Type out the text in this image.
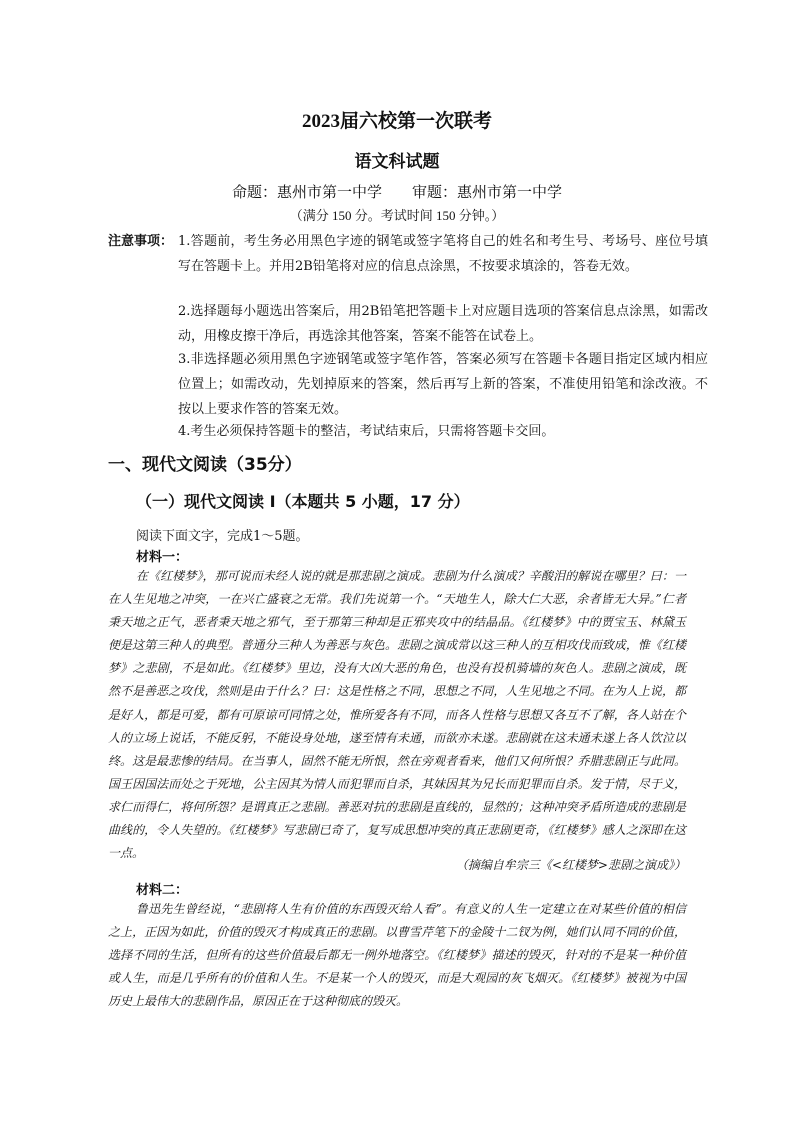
2023届六校第一次联考
语文科试题
命题：惠州市第一中学　　审题：惠州市第一中学
（满分 150 分。考试时间 150 分钟。）
注意事项： 1.答题前，考生务必用黑色字迹的钢笔或签字笔将自己的姓名和考生号、考场号、座位号填写在答题卡上。并用2B铅笔将对应的信息点涂黑，不按要求填涂的，答卷无效。
2.选择题每小题选出答案后，用2B铅笔把答题卡上对应题目选项的答案信息点涂黑，如需改动，用橡皮擦干净后，再选涂其他答案，答案不能答在试卷上。
3.非选择题必须用黑色字迹钢笔或签字笔作答，答案必须写在答题卡各题目指定区域内相应位置上；如需改动，先划掉原来的答案，然后再写上新的答案，不准使用铅笔和涂改液。不按以上要求作答的答案无效。
4.考生必须保持答题卡的整洁，考试结束后，只需将答题卡交回。
一、现代文阅读（35分）
（一）现代文阅读 I（本题共 5 小题，17 分）
阅读下面文字，完成1～5题。
材料一：
在《红楼梦》，那可说而未经人说的就是那悲剧之演成。悲剧为什么演成？辛酸泪的解说在哪里？曰：一在人生见地之冲突，一在兴亡盛衰之无常。我们先说第一个。“天地生人，除大仁大恶，余者皆无大异。”仁者秉天地之正气，恶者秉天地之邪气，至于那第三种却是正邪夹攻中的结晶品。《红楼梦》中的贾宝玉、林黛玉便是这第三种人的典型。普通分三种人为善恶与灰色。悲剧之演成常以这三种人的互相攻伐而致成，惟《红楼梦》之悲剧，不是如此。《红楼梦》里边，没有大凶大恶的角色，也没有投机骑墙的灰色人。悲剧之演成，既然不是善恶之攻伐，然则是由于什么？曰：这是性格之不同，思想之不同，人生见地之不同。在为人上说，都是好人，都是可爱，都有可原谅可同情之处，惟所爱各有不同，而各人性格与思想又各互不了解，各人站在个人的立场上说话，不能反躬，不能设身处地，遂至情有未通，而欲亦未遂。悲剧就在这未通未遂上各人饮泣以终。这是最悲惨的结局。在当事人，固然不能无所恨，然在旁观者看来，他们又何所恨？乔腊悲剧正与此同。国王因国法而处之于死地，公主因其为情人而犯罪而自杀，其妹因其为兄长而犯罪而自杀。发于情，尽于义，求仁而得仁，将何所怨？是谓真正之悲剧。善恶对抗的悲剧是直线的，显然的；这种冲突矛盾所造成的悲剧是曲线的，令人失望的。《红楼梦》写悲剧已奇了，复写成思想冲突的真正悲剧更奇，《红楼梦》感人之深即在这一点。
（摘编自牟宗三《<红楼梦>悲剧之演成》）
材料二：
鲁迅先生曾经说，“悲剧将人生有价值的东西毁灭给人看”。有意义的人生一定建立在对某些价值的相信之上，正因为如此，价值的毁灭才构成真正的悲剧。以曹雪芹笔下的金陵十二钗为例，她们认同不同的价值，选择不同的生活，但所有的这些价值最后都无一例外地落空。《红楼梦》描述的毁灭，针对的不是某一种价值或人生，而是几乎所有的价值和人生。不是某一个人的毁灭，而是大观园的灰飞烟灭。《红楼梦》被视为中国历史上最伟大的悲剧作品，原因正在于这种彻底的毁灭。
